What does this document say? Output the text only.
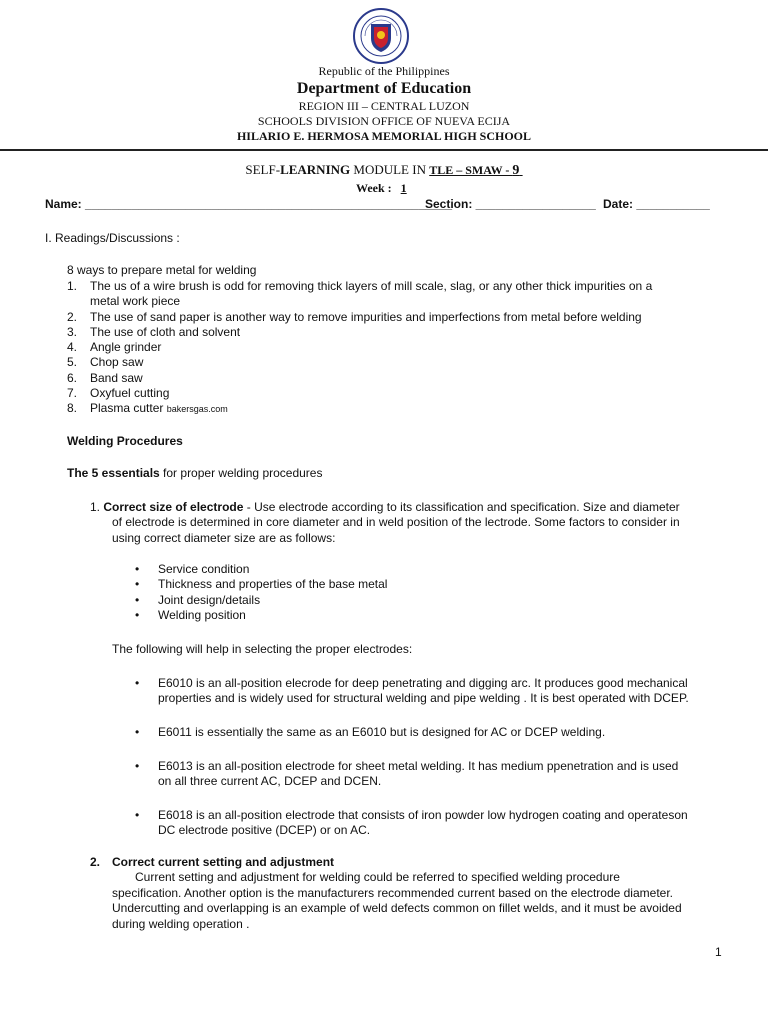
Republic of the Philippines
Department of Education
REGION III – CENTRAL LUZON
SCHOOLS DIVISION OFFICE OF NUEVA ECIJA
HILARIO E. HERMOSA MEMORIAL HIGH SCHOOL
SELF-LEARNING MODULE IN TLE – SMAW - 9
Week : 1
Name: _______________________________________________________
Section: __________________ Date: ___________
I. Readings/Discussions :
8 ways to prepare metal for welding
1. The us of a wire brush is odd for removing thick layers of mill scale, slag, or any other thick impurities on a
metal work piece
2. The use of sand paper is another way to remove impurities and imperfections from metal before welding
3. The use of cloth and solvent
4. Angle grinder
5. Chop saw
6. Band saw
7. Oxyfuel cutting
8. Plasma cutter bakersgas.com
Welding Procedures
The 5 essentials for proper welding procedures
1. Correct size of electrode - Use electrode according to its classification and specification. Size and diameter
of electrode is determined in core diameter and in weld position of the lectrode. Some factors to consider in
using correct diameter size are as follows:
• Service condition
• Thickness and properties of the base metal
• Joint design/details
• Welding position
The following will help in selecting the proper electrodes:
• E6010 is an all-position elecrode for deep penetrating and digging arc. It produces good mechanical
properties and is widely used for structural welding and pipe welding . It is best operated with DCEP.
• E6011 is essentially the same as an E6010 but is designed for AC or DCEP welding.
• E6013 is an all-position electrode for sheet metal welding. It has medium ppenetration and is used
on all three current AC, DCEP and DCEN.
• E6018 is an all-position electrode that consists of iron powder low hydrogen coating and operateson
DC electrode positive (DCEP) or on AC.
2. Correct current setting and adjustment
Current setting and adjustment for welding could be referred to specified welding procedure
specification. Another option is the manufacturers recommended current based on the electrode diameter.
Undercutting and overlapping is an example of weld defects common on fillet welds, and it must be avoided
during welding operation .
1
